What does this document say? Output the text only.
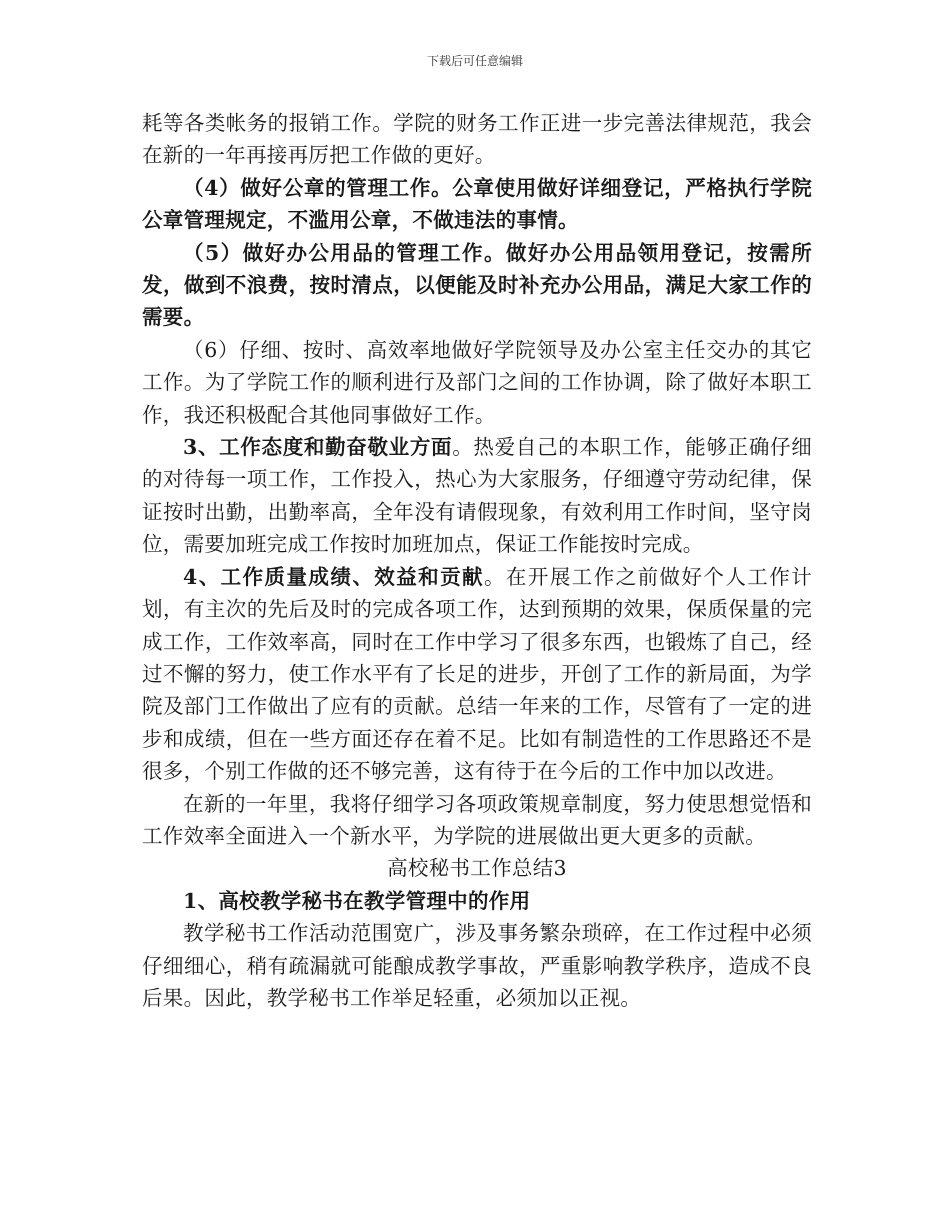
下载后可任意编辑

耗等各类帐务的报销工作。学院的财务工作正进一步完善法律规范，我会在新的一年再接再厉把工作做的更好。

（4）做好公章的管理工作。公章使用做好详细登记，严格执行学院公章管理规定，不滥用公章，不做违法的事情。

（5）做好办公用品的管理工作。做好办公用品领用登记，按需所发，做到不浪费，按时清点，以便能及时补充办公用品，满足大家工作的需要。

（6）仔细、按时、高效率地做好学院领导及办公室主任交办的其它工作。为了学院工作的顺利进行及部门之间的工作协调，除了做好本职工作，我还积极配合其他同事做好工作。

3、工作态度和勤奋敬业方面。热爱自己的本职工作，能够正确仔细的对待每一项工作，工作投入，热心为大家服务，仔细遵守劳动纪律，保证按时出勤，出勤率高，全年没有请假现象，有效利用工作时间，坚守岗位，需要加班完成工作按时加班加点，保证工作能按时完成。

4、工作质量成绩、效益和贡献。在开展工作之前做好个人工作计划，有主次的先后及时的完成各项工作，达到预期的效果，保质保量的完成工作，工作效率高，同时在工作中学习了很多东西，也锻炼了自己，经过不懈的努力，使工作水平有了长足的进步，开创了工作的新局面，为学院及部门工作做出了应有的贡献。总结一年来的工作，尽管有了一定的进步和成绩，但在一些方面还存在着不足。比如有制造性的工作思路还不是很多，个别工作做的还不够完善，这有待于在今后的工作中加以改进。

在新的一年里，我将仔细学习各项政策规章制度，努力使思想觉悟和工作效率全面进入一个新水平，为学院的进展做出更大更多的贡献。

高校秘书工作总结3

1、高校教学秘书在教学管理中的作用

教学秘书工作活动范围宽广，涉及事务繁杂琐碎，在工作过程中必须仔细细心，稍有疏漏就可能酿成教学事故，严重影响教学秩序，造成不良后果。因此，教学秘书工作举足轻重，必须加以正视。
